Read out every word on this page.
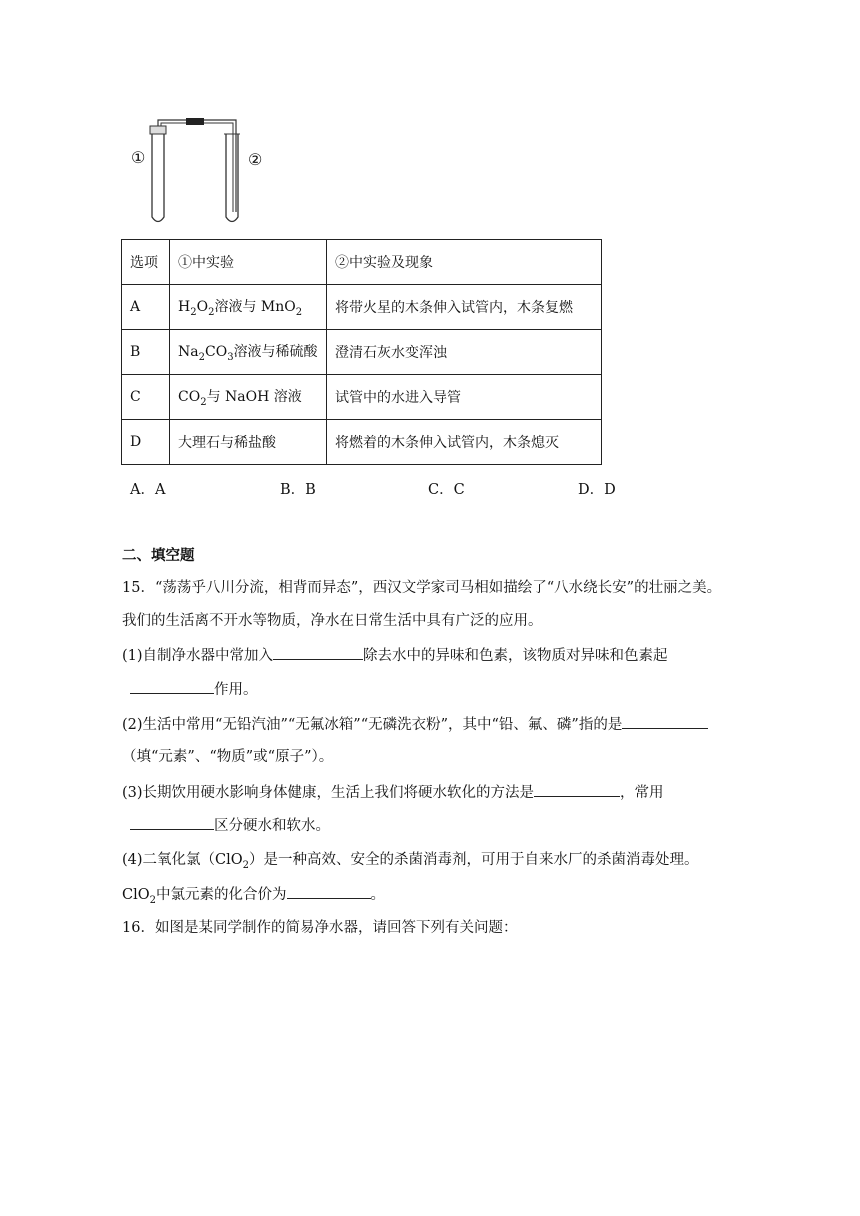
①	②
选项	①中实验	②中实验及现象
A	$H_2O_2$溶液与 MnO$_2$	将带火星的木条伸入试管内，木条复燃
B	$Na_2CO_3$溶液与稀硫酸	澄清石灰水变浑浊
C	$CO_2$与 NaOH 溶液	试管中的水进入导管
D	大理石与稀盐酸	将燃着的木条伸入试管内，木条熄灭
A．A	B．B	C．C	D．D
二、填空题
15．“荡荡乎八川分流，相背而异态”，西汉文学家司马相如描绘了“八水绕长安”的壮丽之美。
我们的生活离不开水等物质，净水在日常生活中具有广泛的应用。
(1)自制净水器中常加入	除去水中的异味和色素，该物质对异味和色素起
作用。
(2)生活中常用“无铅汽油”“无氟冰箱”“无磷洗衣粉”，其中“铅、氟、磷”指的是
（填“元素”、“物质”或“原子”）。
(3)长期饮用硬水影响身体健康，生活上我们将硬水软化的方法是	，常用
区分硬水和软水。
(4)二氧化氯（ClO$_2$）是一种高效、安全的杀菌消毒剂，可用于自来水厂的杀菌消毒处理。
ClO$_2$中氯元素的化合价为	。
16．如图是某同学制作的简易净水器，请回答下列有关问题：
